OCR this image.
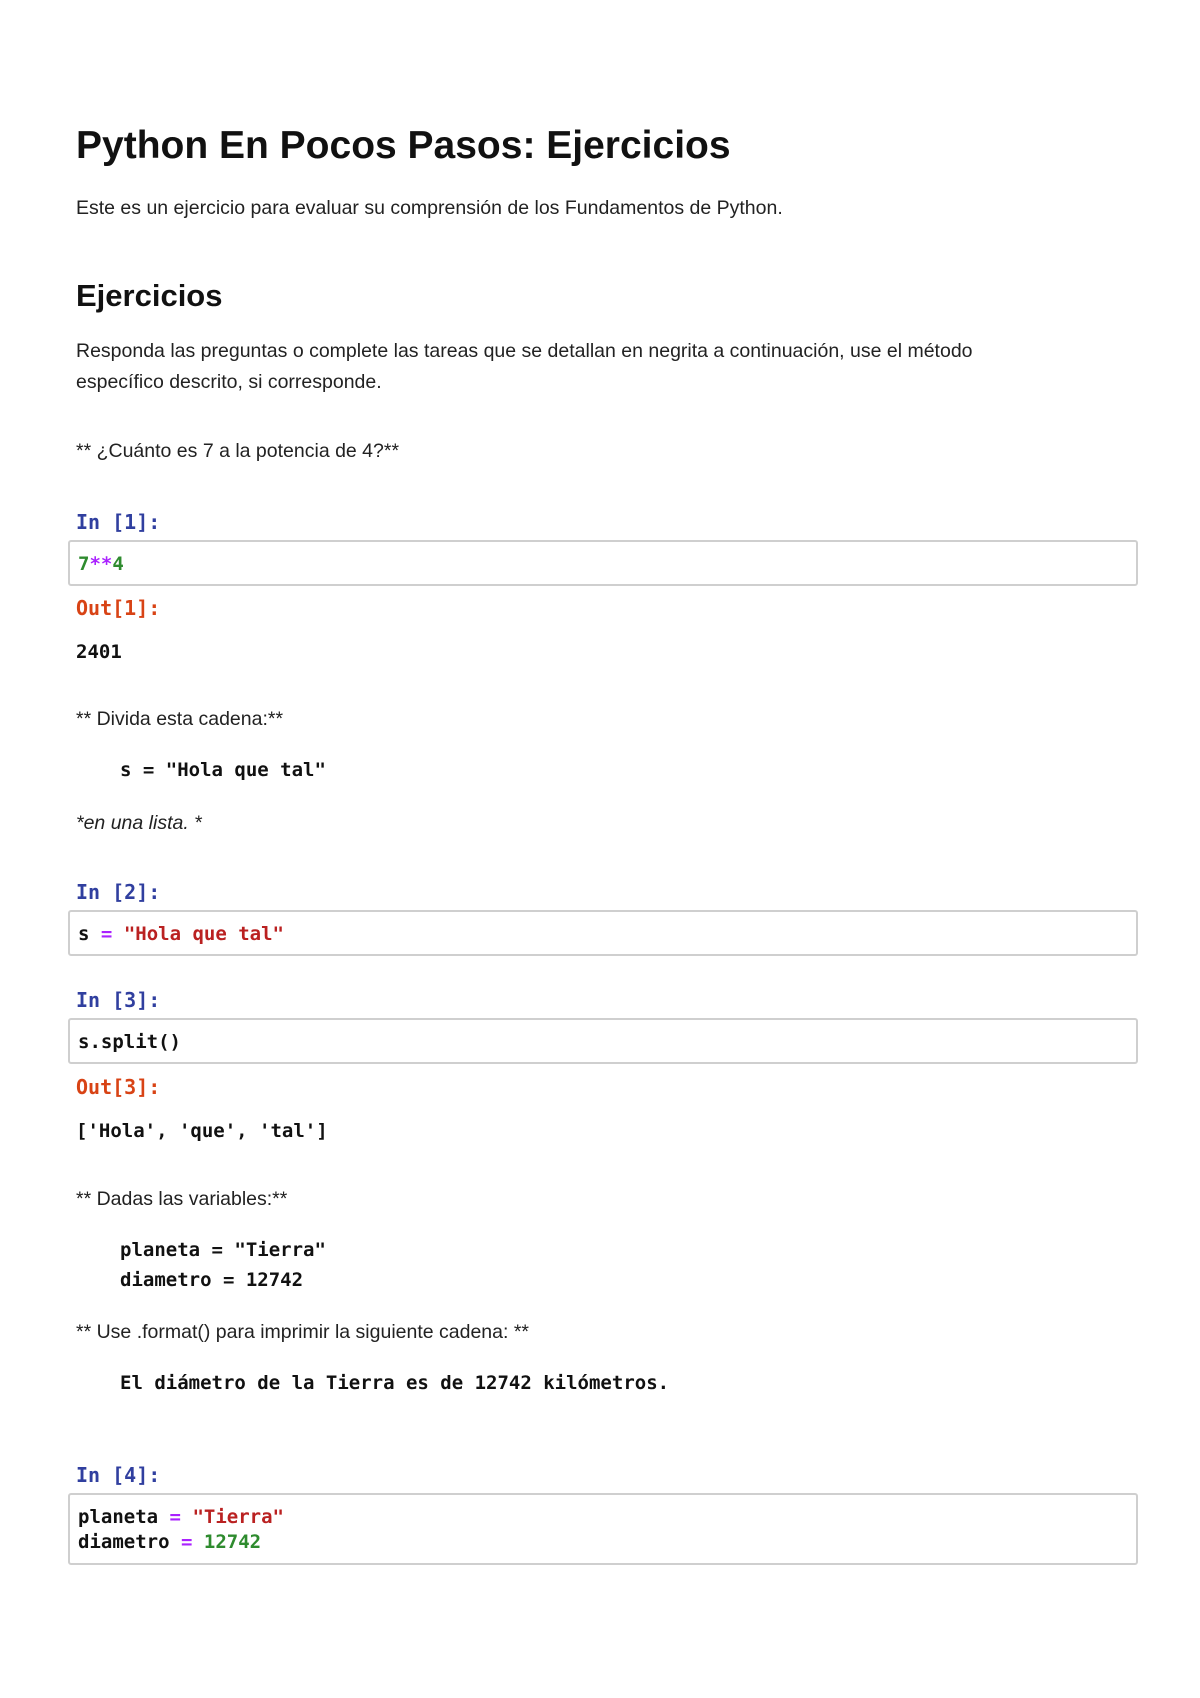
Python En Pocos Pasos: Ejercicios

Este es un ejercicio para evaluar su comprensión de los Fundamentos de Python.

Ejercicios

Responda las preguntas o complete las tareas que se detallan en negrita a continuación, use el método

específico descrito, si corresponde.

** ¿Cuánto es 7 a la potencia de 4?**

In [1]:
7**4
Out[1]:
2401

** Divida esta cadena:**

s = "Hola que tal"

*en una lista. *

In [2]:
s = "Hola que tal"
In [3]:
s.split()
Out[3]:
['Hola', 'que', 'tal']

** Dadas las variables:**

planeta = "Tierra"
diametro = 12742

** Use .format() para imprimir la siguiente cadena: **

El diámetro de la Tierra es de 12742 kilómetros.
In [4]:
planeta = "Tierra"
diametro = 12742
